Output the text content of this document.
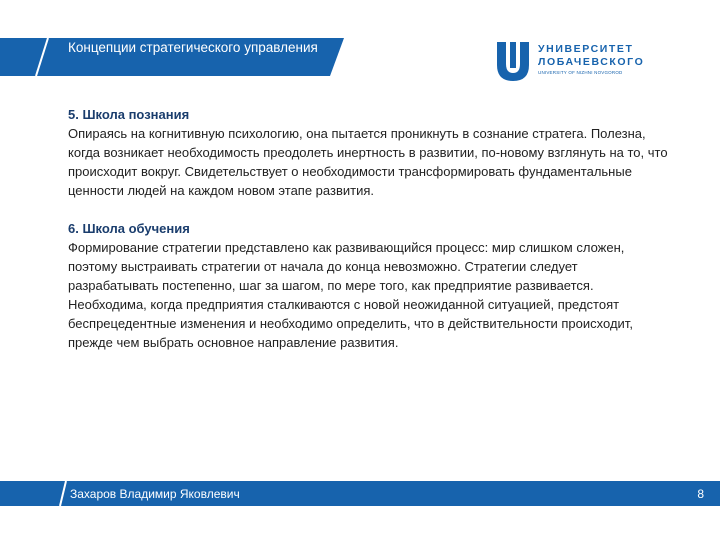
Концепции стратегического управления	УНИВЕРСИТЕТ
ЛОБАЧЕВСКОГО
UNIVERSITY OF NIZHNI NOVGOROD
5. Школа познания

Опираясь на когнитивную психологию, она пытается проникнуть в сознание стратега. Полезна, когда возникает необходимость преодолеть инертность в развитии, по-новому взглянуть на то, что происходит вокруг. Свидетельствует о необходимости трансформировать фундаментальные ценности людей на каждом новом этапе развития.

6. Школа обучения

Формирование стратегии представлено как развивающийся процесс: мир слишком сложен, поэтому выстраивать стратегии от начала до конца невозможно. Стратегии следует разрабатывать постепенно, шаг за шагом, по мере того, как предприятие развивается.

Необходима, когда предприятия сталкиваются с новой неожиданной ситуацией, предстоят беспрецедентные изменения и необходимо определить, что в действительности происходит, прежде чем выбрать основное направление развития.

Захаров Владимир Яковлевич	8
